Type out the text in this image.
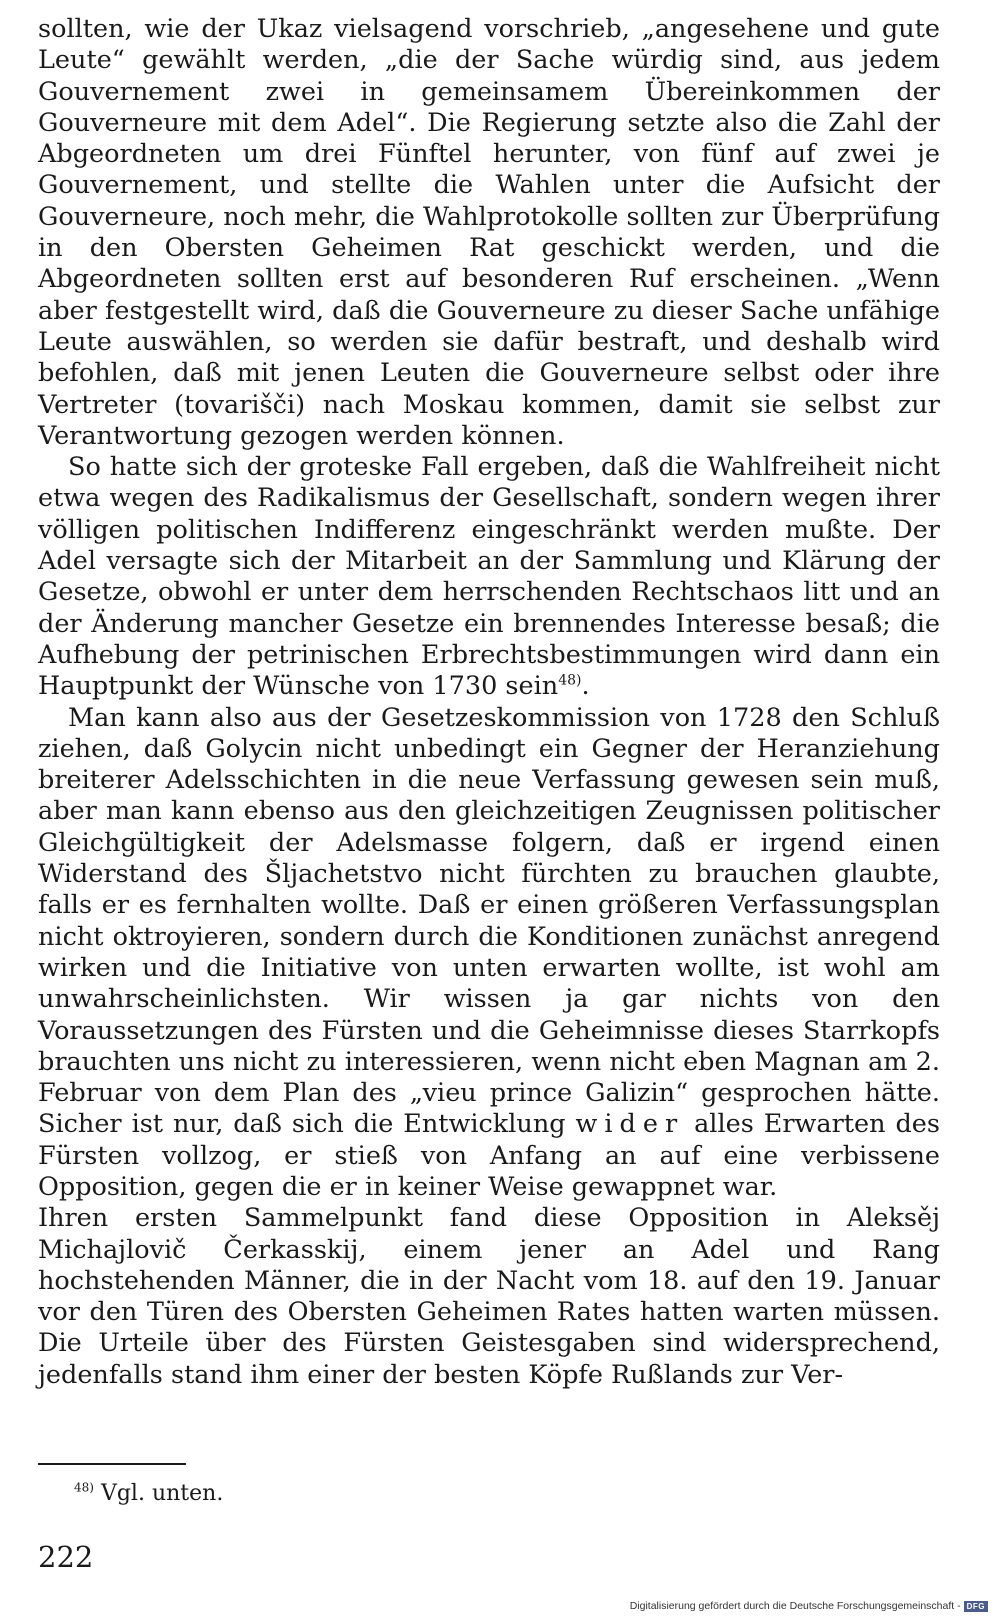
sollten, wie der Ukaz vielsagend vorschrieb, „angesehene und gute Leute“ gewählt werden, „die der Sache würdig sind, aus jedem Gouvernement zwei in gemeinsamem Übereinkommen der Gouverneure mit dem Adel“. Die Regierung setzte also die Zahl der Abgeordneten um drei Fünftel herunter, von fünf auf zwei je Gouvernement, und stellte die Wahlen unter die Aufsicht der Gouverneure, noch mehr, die Wahlprotokolle sollten zur Überprüfung in den Obersten Geheimen Rat geschickt werden, und die Abgeordneten sollten erst auf besonderen Ruf erscheinen. „Wenn aber festgestellt wird, daß die Gouverneure zu dieser Sache unfähige Leute auswählen, so werden sie dafür bestraft, und deshalb wird befohlen, daß mit jenen Leuten die Gouverneure selbst oder ihre Vertreter (tovarišči) nach Moskau kommen, damit sie selbst zur Verantwortung gezogen werden können.

So hatte sich der groteske Fall ergeben, daß die Wahlfreiheit nicht etwa wegen des Radikalismus der Gesellschaft, sondern wegen ihrer völligen politischen Indifferenz eingeschränkt werden mußte. Der Adel versagte sich der Mitarbeit an der Sammlung und Klärung der Gesetze, obwohl er unter dem herrschenden Rechtschaos litt und an der Änderung mancher Gesetze ein brennendes Interesse besaß; die Aufhebung der petrinischen Erbrechtsbestimmungen wird dann ein Hauptpunkt der Wünsche von 1730 sein$^{48)}$.

Man kann also aus der Gesetzeskommission von 1728 den Schluß ziehen, daß Golycin nicht unbedingt ein Gegner der Heranziehung breiterer Adelsschichten in die neue Verfassung gewesen sein muß, aber man kann ebenso aus den gleichzeitigen Zeugnissen politischer Gleichgültigkeit der Adelsmasse folgern, daß er irgend einen Widerstand des Šljachetstvo nicht fürchten zu brauchen glaubte, falls er es fernhalten wollte. Daß er einen größeren Verfassungsplan nicht oktroyieren, sondern durch die Konditionen zunächst anregend wirken und die Initiative von unten erwarten wollte, ist wohl am unwahrscheinlichsten. Wir wissen ja gar nichts von den Voraussetzungen des Fürsten und die Geheimnisse dieses Starrkopfs brauchten uns nicht zu interessieren, wenn nicht eben Magnan am 2. Februar von dem Plan des „vieu prince Galizin“ gesprochen hätte. Sicher ist nur, daß sich die Entwicklung wider alles Erwarten des Fürsten vollzog, er stieß von Anfang an auf eine verbissene Opposition, gegen die er in keiner Weise gewappnet war.

Ihren ersten Sammelpunkt fand diese Opposition in Aleksěj Michajlovič Čerkasskij, einem jener an Adel und Rang hochstehenden Männer, die in der Nacht vom 18. auf den 19. Januar vor den Türen des Obersten Geheimen Rates hatten warten müssen. Die Urteile über des Fürsten Geistesgaben sind widersprechend, jedenfalls stand ihm einer der besten Köpfe Rußlands zur Ver-

$^{48)}$ Vgl. unten.
222
Digitalisierung gefördert durch die Deutsche Forschungsgemeinschaft - DFG
